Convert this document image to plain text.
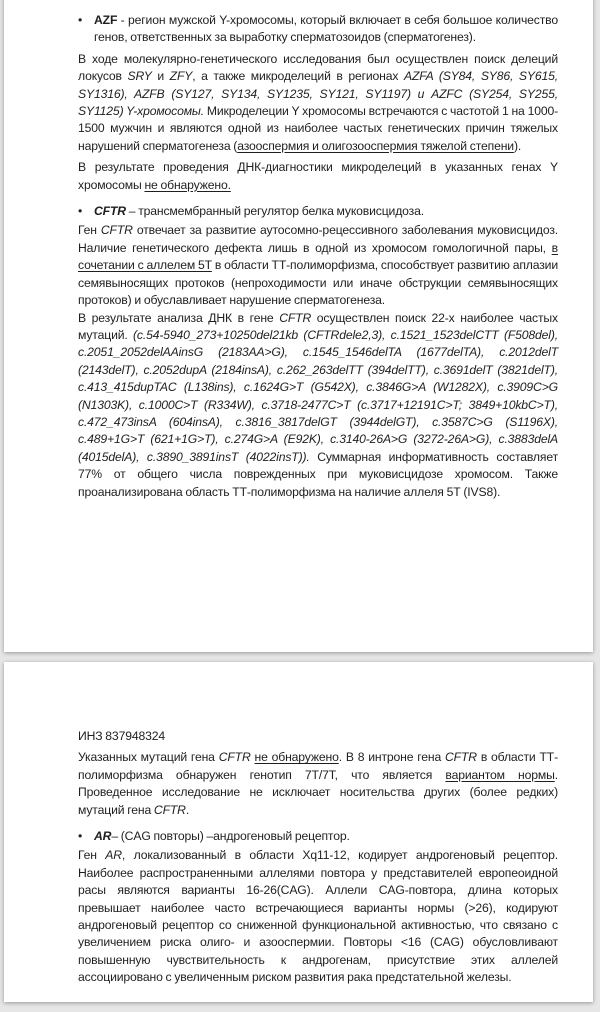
• AZF - регион мужской Y-хромосомы, который включает в себя большое количество генов, ответственных за выработку сперматозоидов (сперматогенез).
В ходе молекулярно-генетического исследования был осуществлен поиск делеций локусов SRY и ZFY, а также микроделеций в регионах AZFA (SY84, SY86, SY615, SY1316), AZFB (SY127, SY134, SY1235, SY121, SY1197) и AZFC (SY254, SY255, SY1125) Y-хромосомы. Микроделеции Y хромосомы встречаются с частотой 1 на 1000-1500 мужчин и являются одной из наиболее частых генетических причин тяжелых нарушений сперматогенеза (азооспермия и олигозооспермия тяжелой степени).
В результате проведения ДНК-диагностики микроделеций в указанных генах Y хромосомы не обнаружено.
• CFTR – трансмембранный регулятор белка муковисцидоза.
Ген CFTR отвечает за развитие аутосомно-рецессивного заболевания муковисцидоз. Наличие генетического дефекта лишь в одной из хромосом гомологичной пары, в сочетании с аллелем 5Т в области ТТ-полиморфизма, способствует развитию аплазии семявыносящих протоков (непроходимости или иначе обструкции семявыносящих протоков) и обуславливает нарушение сперматогенеза.
В результате анализа ДНК в гене CFTR осуществлен поиск 22-х наиболее частых мутаций. (c.54-5940_273+10250del21kb (CFTRdele2,3), c.1521_1523delCTT (F508del), c.2051_2052delAAinsG (2183AA>G), c.1545_1546delTA (1677delTA), c.2012delT (2143delT), c.2052dupA (2184insA), c.262_263delTT (394delTT), c.3691delT (3821delT), c.413_415dupTAC (L138ins), c.1624G>T (G542X), c.3846G>A (W1282X), c.3909C>G (N1303K), c.1000C>T (R334W), c.3718-2477C>T (c.3717+12191C>T; 3849+10kbC>T), c.472_473insA (604insA), c.3816_3817delGT (3944delGT), c.3587C>G (S1196X), c.489+1G>T (621+1G>T), c.274G>A (E92K), c.3140-26A>G (3272-26A>G), c.3883delA (4015delA), c.3890_3891insT (4022insT)). Суммарная информативность составляет 77% от общего числа поврежденных при муковисцидозе хромосом. Также проанализирована область ТТ-полиморфизма на наличие аллеля 5Т (IVS8).
ИНЗ 837948324
Указанных мутаций гена CFTR не обнаружено. В 8 интроне гена CFTR в области ТТ-полиморфизма обнаружен генотип 7Т/7Т, что является вариантом нормы. Проведенное исследование не исключает носительства других (более редких) мутаций гена CFTR.
• AR– (CAG повторы) –андрогеновый рецептор.
Ген AR, локализованный в области Xq11-12, кодирует андрогеновый рецептор. Наиболее распространенными аллелями повтора у представителей европеоидной расы являются варианты 16-26(CAG). Аллели CAG-повтора, длина которых превышает наиболее часто встречающиеся варианты нормы (>26), кодируют андрогеновый рецептор со сниженной функциональной активностью, что связано с увеличением риска олиго- и азооспермии. Повторы <16 (CAG) обусловливают повышенную чувствительность к андрогенам, присутствие этих аллелей ассоциировано с увеличенным риском развития рака предстательной железы.
